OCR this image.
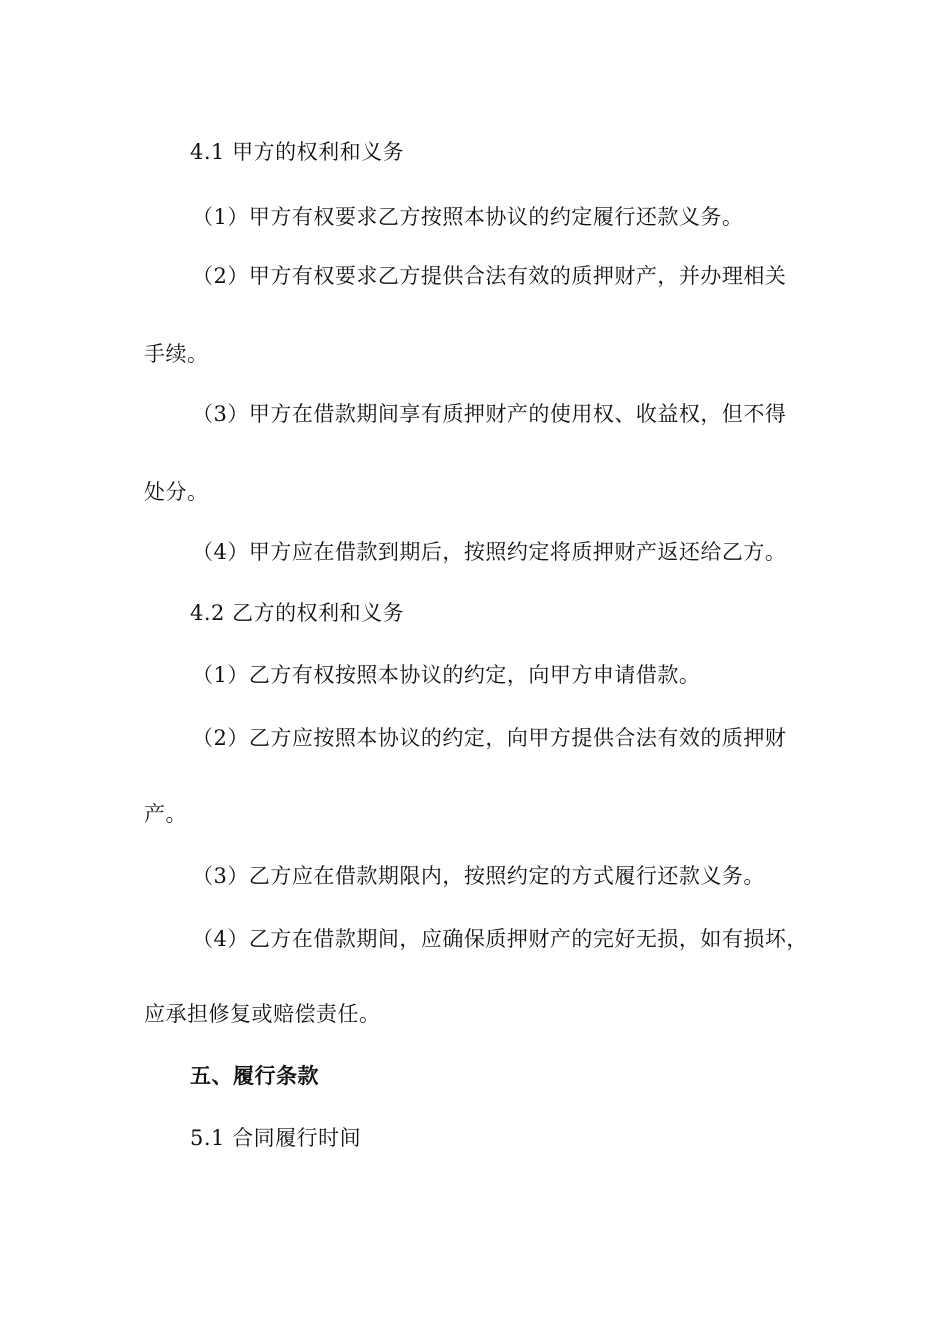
4.1 甲方的权利和义务
（1）甲方有权要求乙方按照本协议的约定履行还款义务。
（2）甲方有权要求乙方提供合法有效的质押财产，并办理相关
手续。
（3）甲方在借款期间享有质押财产的使用权、收益权，但不得
处分。
（4）甲方应在借款到期后，按照约定将质押财产返还给乙方。
4.2 乙方的权利和义务
（1）乙方有权按照本协议的约定，向甲方申请借款。
（2）乙方应按照本协议的约定，向甲方提供合法有效的质押财
产。
（3）乙方应在借款期限内，按照约定的方式履行还款义务。
（4）乙方在借款期间，应确保质押财产的完好无损，如有损坏，
应承担修复或赔偿责任。
五、履行条款
5.1 合同履行时间
